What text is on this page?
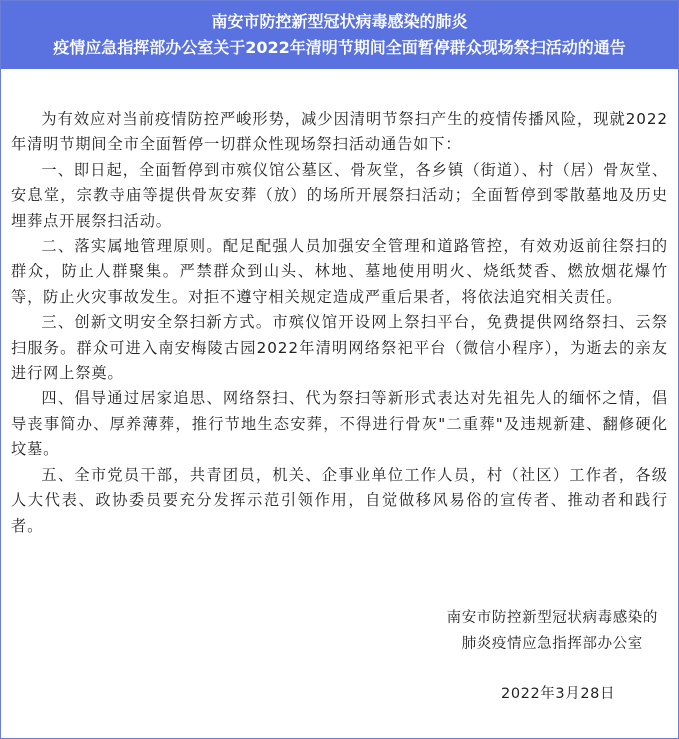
南安市防控新型冠状病毒感染的肺炎
疫情应急指挥部办公室关于2022年清明节期间全面暂停群众现场祭扫活动的通告

为有效应对当前疫情防控严峻形势，减少因清明节祭扫产生的疫情传播风险，现就2022年清明节期间全市全面暂停一切群众性现场祭扫活动通告如下：

一、即日起，全面暂停到市殡仪馆公墓区、骨灰堂，各乡镇（街道）、村（居）骨灰堂、安息堂，宗教寺庙等提供骨灰安葬（放）的场所开展祭扫活动；全面暂停到零散墓地及历史埋葬点开展祭扫活动。

二、落实属地管理原则。配足配强人员加强安全管理和道路管控，有效劝返前往祭扫的群众，防止人群聚集。严禁群众到山头、林地、墓地使用明火、烧纸焚香、燃放烟花爆竹等，防止火灾事故发生。对拒不遵守相关规定造成严重后果者，将依法追究相关责任。

三、创新文明安全祭扫新方式。市殡仪馆开设网上祭扫平台，免费提供网络祭扫、云祭扫服务。群众可进入南安梅陵古园2022年清明网络祭祀平台（微信小程序），为逝去的亲友进行网上祭奠。

四、倡导通过居家追思、网络祭扫、代为祭扫等新形式表达对先祖先人的缅怀之情，倡导丧事简办、厚养薄葬，推行节地生态安葬，不得进行骨灰"二重葬"及违规新建、翻修硬化坟墓。

五、全市党员干部，共青团员，机关、企事业单位工作人员，村（社区）工作者，各级人大代表、政协委员要充分发挥示范引领作用，自觉做移风易俗的宣传者、推动者和践行者。

南安市防控新型冠状病毒感染的
肺炎疫情应急指挥部办公室
2022年3月28日
